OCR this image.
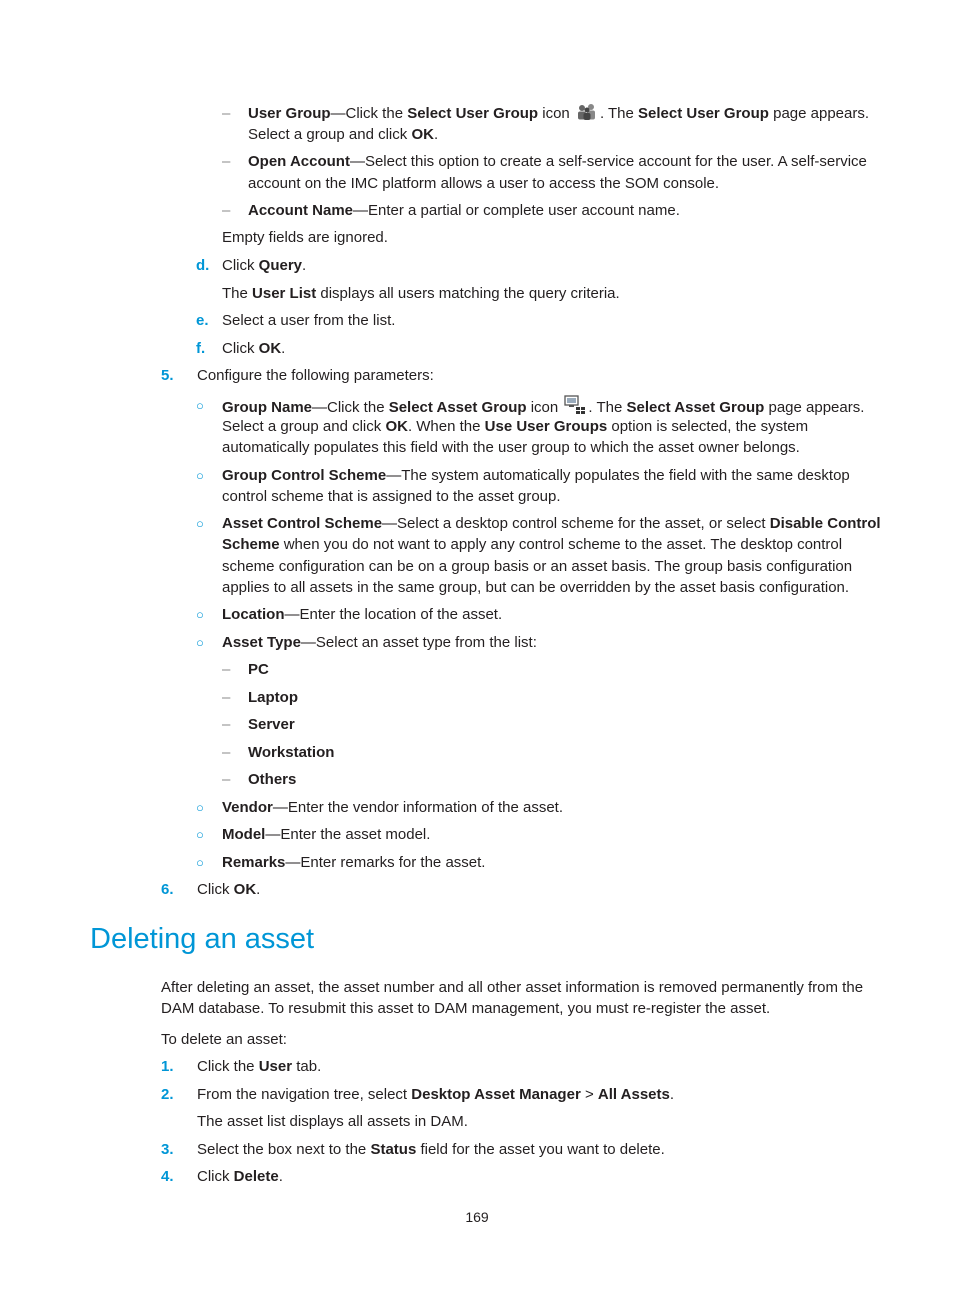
– User Group—Click the Select User Group icon . The Select User Group page appears.
Select a group and click OK.
– Open Account—Select this option to create a self-service account for the user. A self-service
account on the IMC platform allows a user to access the SOM console.
– Account Name—Enter a partial or complete user account name.
Empty fields are ignored.
d. Click Query.
The User List displays all users matching the query criteria.
e. Select a user from the list.
f. Click OK.
5. Configure the following parameters:
○ Group Name—Click the Select Asset Group icon . The Select Asset Group page appears.
Select a group and click OK. When the Use User Groups option is selected, the system
automatically populates this field with the user group to which the asset owner belongs.
○ Group Control Scheme—The system automatically populates the field with the same desktop
control scheme that is assigned to the asset group.
○ Asset Control Scheme—Select a desktop control scheme for the asset, or select Disable Control
Scheme when you do not want to apply any control scheme to the asset. The desktop control
scheme configuration can be on a group basis or an asset basis. The group basis configuration
applies to all assets in the same group, but can be overridden by the asset basis configuration.
○ Location—Enter the location of the asset.
○ Asset Type—Select an asset type from the list:
– PC
– Laptop
– Server
– Workstation
– Others
○ Vendor—Enter the vendor information of the asset.
○ Model—Enter the asset model.
○ Remarks—Enter remarks for the asset.
6. Click OK.
Deleting an asset
After deleting an asset, the asset number and all other asset information is removed permanently from the
DAM database. To resubmit this asset to DAM management, you must re-register the asset.
To delete an asset:
1. Click the User tab.
2. From the navigation tree, select Desktop Asset Manager > All Assets.
The asset list displays all assets in DAM.
3. Select the box next to the Status field for the asset you want to delete.
4. Click Delete.
169
